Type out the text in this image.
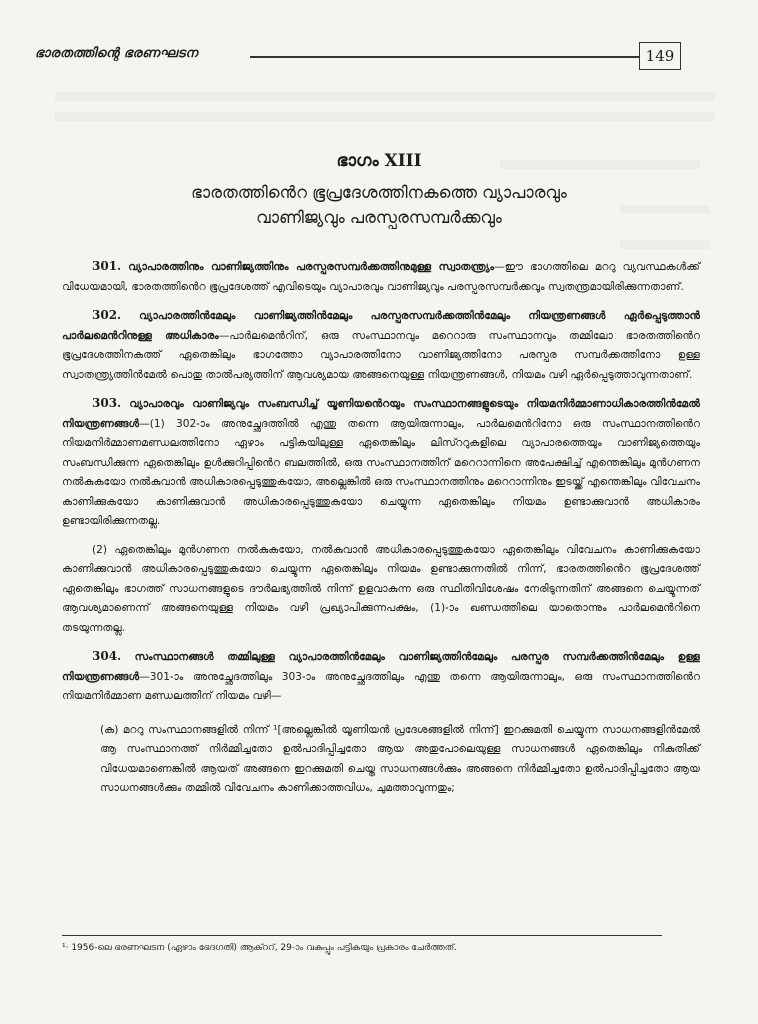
ഭാരതത്തിന്റെ ഭരണഘടന	149
ഭാഗം XIII
ഭാരതത്തിൻെറ ഭൂപ്രദേശത്തിനകത്തെ വ്യാപാരവും
വാണിജ്യവും പരസ്പരസമ്പർക്കവും

301. വ്യാപാരത്തിനും വാണിജ്യത്തിനും പരസ്പരസമ്പർക്കത്തിനുമുള്ള സ്വാതന്ത്ര്യം—ഈ ഭാഗത്തിലെ മററു വ്യവസ്ഥകൾക്ക് വിധേയമായി, ഭാരതത്തിൻെറ ഭൂപ്രദേശത്ത് എവിടെയും വ്യാപാരവും വാണിജ്യവും പരസ്പരസമ്പർക്കവും സ്വതന്ത്രമായിരിക്കുന്നതാണ്.

302. വ്യാപാരത്തിൻമേലും വാണിജ്യത്തിൻമേലും പരസ്പരസമ്പർക്കത്തിൻമേലും നിയന്ത്രണങ്ങൾ ഏർപ്പെടുത്താൻ പാർലമെൻറിനുള്ള അധികാരം—പാർലമെൻറിന്, ഒരു സംസ്ഥാനവും മറെറാരു സംസ്ഥാനവും തമ്മിലോ ഭാരതത്തിൻെറ ഭൂപ്രദേശത്തിനകത്ത് ഏതെങ്കിലും ഭാഗത്തോ വ്യാപാരത്തിനോ വാണിജ്യത്തിനോ പരസ്പര സമ്പർക്കത്തിനോ ഉള്ള സ്വാതന്ത്ര്യത്തിൻമേൽ പൊതു താൽപര്യത്തിന് ആവശ്യമായ അങ്ങനെയുള്ള നിയന്ത്രണങ്ങൾ, നിയമം വഴി ഏർപ്പെടുത്താവുന്നതാണ്.

303. വ്യാപാരവും വാണിജ്യവും സംബന്ധിച്ച് യൂണിയൻെറയും സംസ്ഥാനങ്ങളുടെയും നിയമനിർമ്മാണാധികാരത്തിൻമേൽ നിയന്ത്രണങ്ങൾ—(1) 302-ാം അനുച്ഛേദത്തിൽ എന്തു തന്നെ ആയിരുന്നാലും, പാർലമെൻറിനോ ഒരു സംസ്ഥാനത്തിൻെറ നിയമനിർമ്മാണമണ്ഡലത്തിനോ ഏഴാം പട്ടികയിലുള്ള ഏതെങ്കിലും ലിസ്ററുകളിലെ വ്യാപാരത്തെയും വാണിജ്യത്തെയും സംബന്ധിക്കുന്ന ഏതെങ്കിലും ഉൾക്കുറിപ്പിൻെറ ബലത്തിൽ, ഒരു സംസ്ഥാനത്തിന് മറെറാന്നിനെ അപേക്ഷിച്ച് എന്തെങ്കിലും മുൻഗണന നൽകുകയോ നൽകുവാൻ അധികാരപ്പെടുത്തുകയോ, അല്ലെങ്കിൽ ഒരു സംസ്ഥാനത്തിനും മറെറാന്നിനും ഇടയ്ക്ക് എന്തെങ്കിലും വിവേചനം കാണിക്കുകയോ കാണിക്കുവാൻ അധികാരപ്പെടുത്തുകയോ ചെയ്യുന്ന ഏതെങ്കിലും നിയമം ഉണ്ടാക്കുവാൻ അധികാരം ഉണ്ടായിരിക്കുന്നതല്ല.

(2) ഏതെങ്കിലും മുൻഗണന നൽകുകയോ, നൽകുവാൻ അധികാരപ്പെടുത്തുകയോ ഏതെങ്കിലും വിവേചനം കാണിക്കുകയോ കാണിക്കുവാൻ അധികാരപ്പെടുത്തുകയോ ചെയ്യുന്ന ഏതെങ്കിലും നിയമം ഉണ്ടാക്കുന്നതിൽ നിന്ന്, ഭാരതത്തിൻെറ ഭൂപ്രദേശത്ത് ഏതെങ്കിലും ഭാഗത്ത് സാധനങ്ങളുടെ ദൗർലഭ്യത്തിൽ നിന്ന് ഉളവാകുന്ന ഒരു സ്ഥിതിവിശേഷം നേരിടുന്നതിന് അങ്ങനെ ചെയ്യുന്നത് ആവശ്യമാണെന്ന് അങ്ങനെയുള്ള നിയമം വഴി പ്രഖ്യാപിക്കുന്നപക്ഷം, (1)-ാം ഖണ്ഡത്തിലെ യാതൊന്നും പാർലമെൻറിനെ തടയുന്നതല്ല.

304. സംസ്ഥാനങ്ങൾ തമ്മിലുള്ള വ്യാപാരത്തിൻമേലും വാണിജ്യത്തിൻമേലും പരസ്പര സമ്പർക്കത്തിൻമേലും ഉള്ള നിയന്ത്രണങ്ങൾ—301-ാം അനുച്ഛേദത്തിലും 303-ാം അനുച്ഛേദത്തിലും എന്തു തന്നെ ആയിരുന്നാലും, ഒരു സംസ്ഥാനത്തിൻെറ നിയമനിർമ്മാണ മണ്ഡലത്തിന് നിയമം വഴി—

(ക) മററു സംസ്ഥാനങ്ങളിൽ നിന്ന് ¹[അല്ലെങ്കിൽ യൂണിയൻ പ്രദേശങ്ങളിൽ നിന്ന്] ഇറക്കുമതി ചെയ്യുന്ന സാധനങ്ങളിൻമേൽ ആ സംസ്ഥാനത്ത് നിർമ്മിച്ചതോ ഉൽപാദിപ്പിച്ചതോ ആയ അതുപോലെയുള്ള സാധനങ്ങൾ ഏതെങ്കിലും നികുതിക്ക് വിധേയമാണെങ്കിൽ ആയത് അങ്ങനെ ഇറക്കുമതി ചെയ്ത സാധനങ്ങൾക്കും അങ്ങനെ നിർമ്മിച്ചതോ ഉൽപാദിപ്പിച്ചതോ ആയ സാധനങ്ങൾക്കും തമ്മിൽ വിവേചനം കാണിക്കാത്തവിധം, ചുമത്താവുന്നതും;

¹· 1956-ലെ ഭരണഘടന (ഏഴാം ഭേദഗതി) ആക്ററ്, 29-ാം വകുപ്പും പട്ടികയും പ്രകാരം ചേർത്തത്.
